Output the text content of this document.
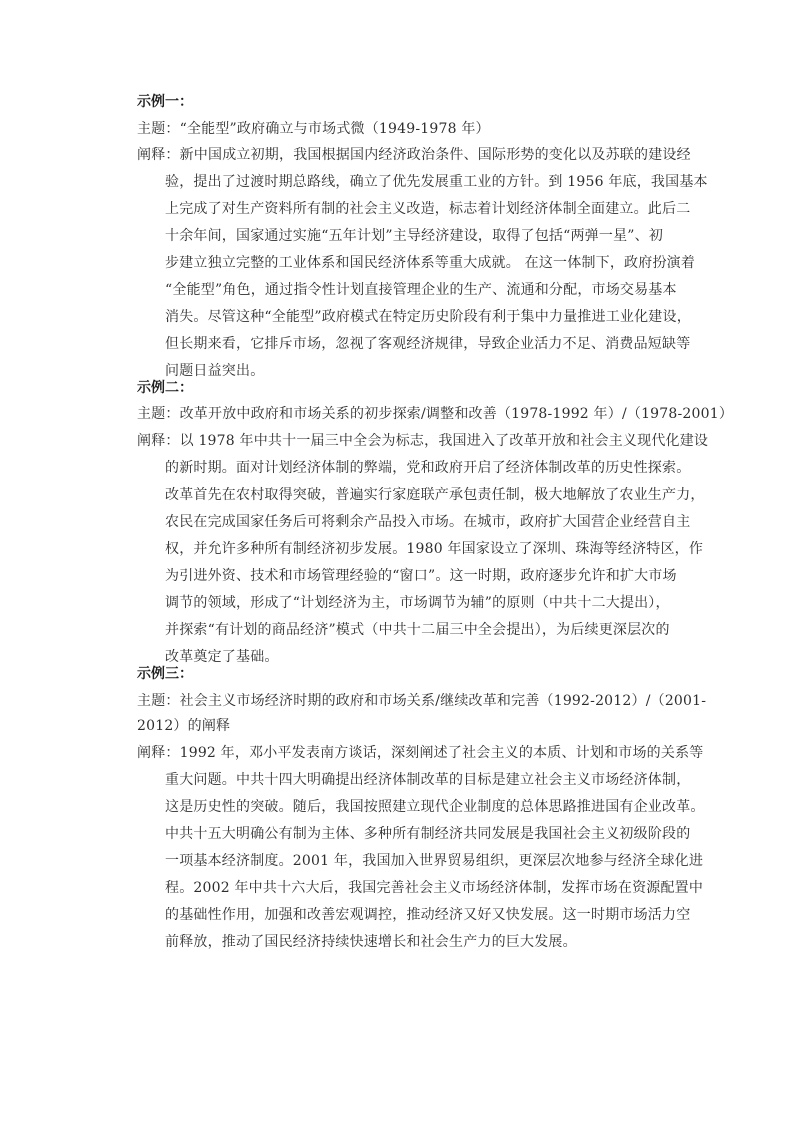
示例一：
主题：“全能型”政府确立与市场式微（1949-1978 年）
阐释：新中国成立初期，我国根据国内经济政治条件、国际形势的变化以及苏联的建设经
验，提出了过渡时期总路线，确立了优先发展重工业的方针。到 1956 年底，我国基本
上完成了对生产资料所有制的社会主义改造，标志着计划经济体制全面建立。此后二
十余年间，国家通过实施“五年计划”主导经济建设，取得了包括“两弹一星”、初
步建立独立完整的工业体系和国民经济体系等重大成就。 在这一体制下，政府扮演着
“全能型”角色，通过指令性计划直接管理企业的生产、流通和分配，市场交易基本
消失。尽管这种“全能型”政府模式在特定历史阶段有利于集中力量推进工业化建设，
但长期来看，它排斥市场，忽视了客观经济规律，导致企业活力不足、消费品短缺等
问题日益突出。
示例二：
主题：改革开放中政府和市场关系的初步探索/调整和改善（1978-1992 年）/（1978-2001）
阐释：以 1978 年中共十一届三中全会为标志，我国进入了改革开放和社会主义现代化建设
的新时期。面对计划经济体制的弊端，党和政府开启了经济体制改革的历史性探索。
改革首先在农村取得突破，普遍实行家庭联产承包责任制，极大地解放了农业生产力，
农民在完成国家任务后可将剩余产品投入市场。在城市，政府扩大国营企业经营自主
权，并允许多种所有制经济初步发展。1980 年国家设立了深圳、珠海等经济特区，作
为引进外资、技术和市场管理经验的“窗口”。这一时期，政府逐步允许和扩大市场
调节的领域，形成了“计划经济为主，市场调节为辅”的原则（中共十二大提出），
并探索“有计划的商品经济”模式（中共十二届三中全会提出），为后续更深层次的
改革奠定了基础。
示例三：
主题：社会主义市场经济时期的政府和市场关系/继续改革和完善（1992-2012）/（2001-
2012）的阐释
阐释：1992 年，邓小平发表南方谈话，深刻阐述了社会主义的本质、计划和市场的关系等
重大问题。中共十四大明确提出经济体制改革的目标是建立社会主义市场经济体制，
这是历史性的突破。随后，我国按照建立现代企业制度的总体思路推进国有企业改革。
中共十五大明确公有制为主体、多种所有制经济共同发展是我国社会主义初级阶段的
一项基本经济制度。2001 年，我国加入世界贸易组织，更深层次地参与经济全球化进
程。2002 年中共十六大后，我国完善社会主义市场经济体制，发挥市场在资源配置中
的基础性作用，加强和改善宏观调控，推动经济又好又快发展。这一时期市场活力空
前释放，推动了国民经济持续快速增长和社会生产力的巨大发展。
